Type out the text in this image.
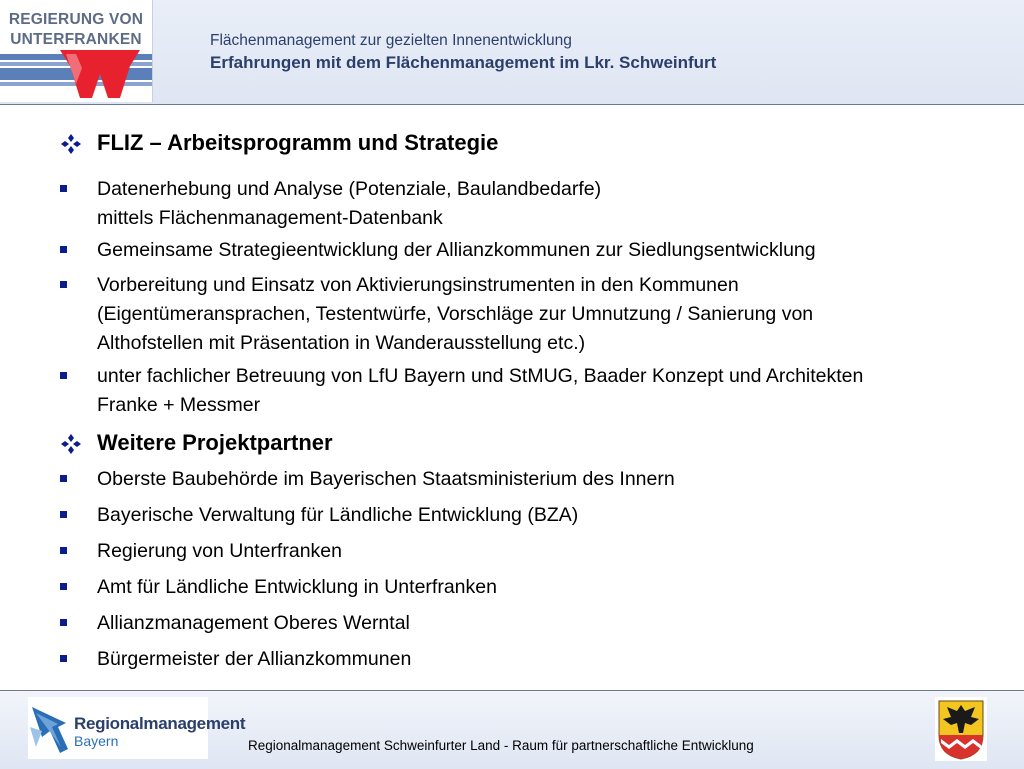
REGIERUNG VON
UNTERFRANKEN	Flächenmanagement zur gezielten Innenentwicklung
Erfahrungen mit dem Flächenmanagement im Lkr. Schweinfurt
FLIZ – Arbeitsprogramm und Strategie
Datenerhebung und Analyse (Potenziale, Baulandbedarfe)
mittels Flächenmanagement-Datenbank
Gemeinsame Strategieentwicklung der Allianzkommunen zur Siedlungsentwicklung
Vorbereitung und Einsatz von Aktivierungsinstrumenten in den Kommunen
(Eigentümeransprachen, Testentwürfe, Vorschläge zur Umnutzung / Sanierung von
Althofstellen mit Präsentation in Wanderausstellung etc.)
unter fachlicher Betreuung von LfU Bayern und StMUG, Baader Konzept und Architekten
Franke + Messmer
Weitere Projektpartner
Oberste Baubehörde im Bayerischen Staatsministerium des Innern
Bayerische Verwaltung für Ländliche Entwicklung (BZA)
Regierung von Unterfranken
Amt für Ländliche Entwicklung in Unterfranken
Allianzmanagement Oberes Werntal
Bürgermeister der Allianzkommunen
Regionalmanagement
Bayern	Regionalmanagement Schweinfurter Land - Raum für partnerschaftliche Entwicklung
